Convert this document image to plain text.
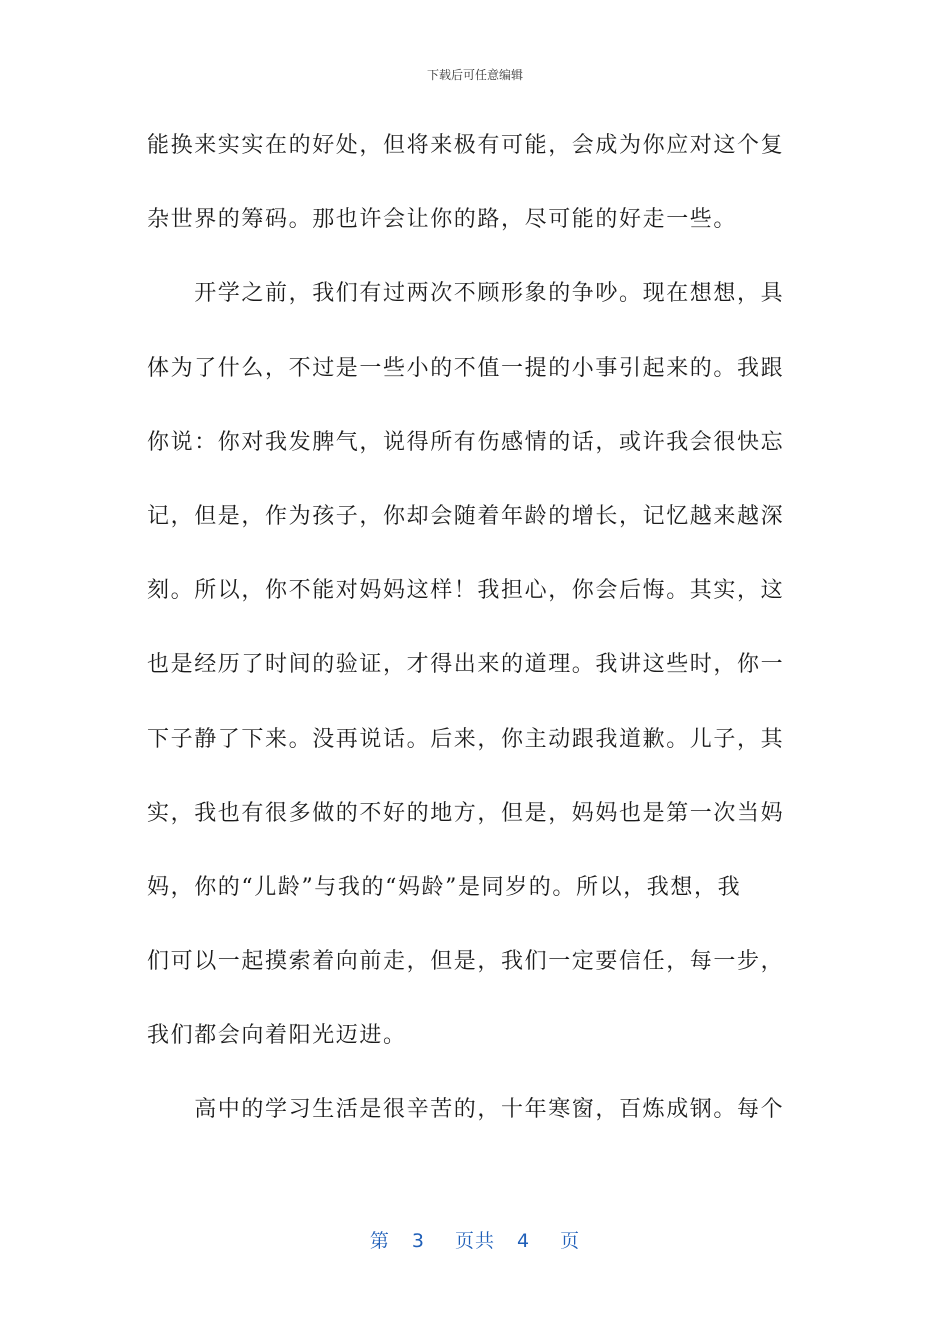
下载后可任意编辑
能换来实实在的好处，但将来极有可能，会成为你应对这个复
杂世界的筹码。那也许会让你的路，尽可能的好走一些。
　　开学之前，我们有过两次不顾形象的争吵。现在想想，具
体为了什么，不过是一些小的不值一提的小事引起来的。我跟
你说：你对我发脾气，说得所有伤感情的话，或许我会很快忘
记，但是，作为孩子，你却会随着年龄的增长，记忆越来越深
刻。所以，你不能对妈妈这样！我担心，你会后悔。其实，这
也是经历了时间的验证，才得出来的道理。我讲这些时，你一
下子静了下来。没再说话。后来，你主动跟我道歉。儿子，其
实，我也有很多做的不好的地方，但是，妈妈也是第一次当妈
妈，你的“儿龄”与我的“妈龄”是同岁的。所以，我想，我
们可以一起摸索着向前走，但是，我们一定要信任，每一步，
我们都会向着阳光迈进。
　　高中的学习生活是很辛苦的，十年寒窗，百炼成钢。每个
第 3 页共 4 页
